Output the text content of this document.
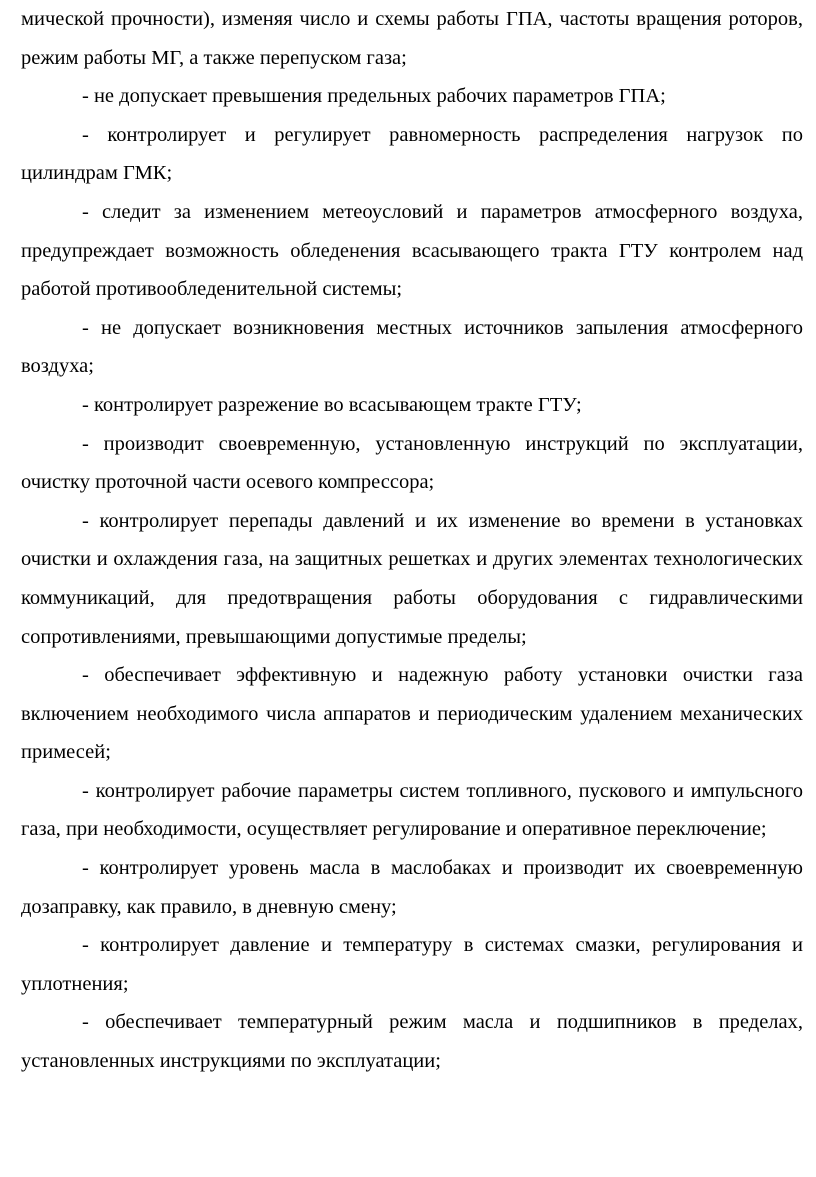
мической прочности), изменяя число и схемы работы ГПА, частоты вращения роторов, режим работы МГ, а также перепуском газа;

- не допускает превышения предельных рабочих параметров ГПА;

- контролирует и регулирует равномерность распределения нагрузок по цилиндрам ГМК;

- следит за изменением метеоусловий и параметров атмосферного воздуха, предупреждает возможность обледенения всасывающего тракта ГТУ контролем над работой противообледенительной системы;

- не допускает возникновения местных источников запыления атмосферного воздуха;

- контролирует разрежение во всасывающем тракте ГТУ;

- производит своевременную, установленную инструкций по эксплуатации, очистку проточной части осевого компрессора;

- контролирует перепады давлений и их изменение во времени в установках очистки и охлаждения газа, на защитных решетках и других элементах технологических коммуникаций, для предотвращения работы оборудования с гидравлическими сопротивлениями, превышающими допустимые пределы;

- обеспечивает эффективную и надежную работу установки очистки газа включением необходимого числа аппаратов и периодическим удалением механических примесей;

- контролирует рабочие параметры систем топливного, пускового и импульсного газа, при необходимости, осуществляет регулирование и оперативное переключение;

- контролирует уровень масла в маслобаках и производит их своевременную дозаправку, как правило, в дневную смену;

- контролирует давление и температуру в системах смазки, регулирования и уплотнения;

- обеспечивает температурный режим масла и подшипников в пределах, установленных инструкциями по эксплуатации;
